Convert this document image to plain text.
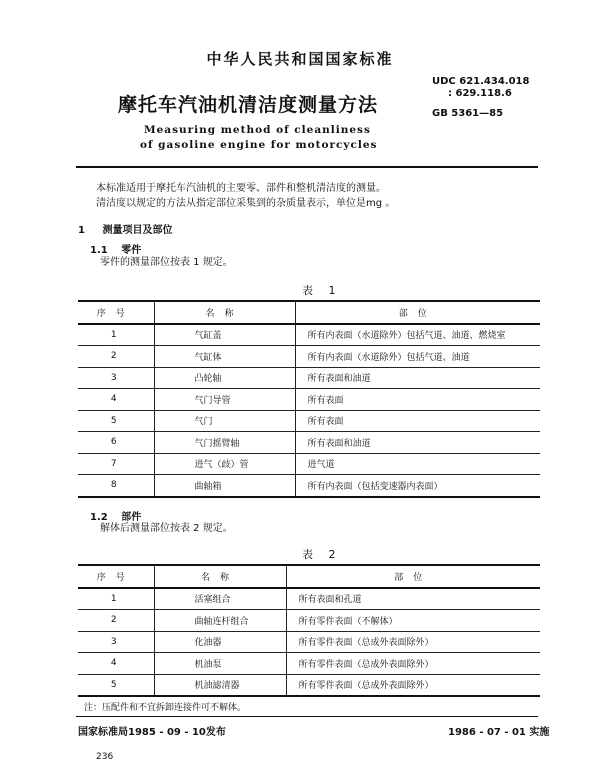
中华人民共和国国家标准
摩托车汽油机清洁度测量方法
UDC 621.434.018
: 629.118.6
GB 5361—85
Measuring method of cleanliness
of gasoline engine for motorcycles
本标准适用于摩托车汽油机的主要零、部件和整机清洁度的测量。
清洁度以规定的方法从指定部位采集到的杂质量表示，单位是mg 。
1 测量项目及部位
1.1 零件
零件的测量部位按表 1 规定。
表 1
序号	名称	部位
1	气缸盖	所有内表面（水道除外）包括气道、油道、燃烧室
2	气缸体	所有内表面（水道除外）包括气道、油道
3	凸轮轴	所有表面和油道
4	气门导管	所有表面
5	气门	所有表面
6	气门摇臂轴	所有表面和油道
7	进气（歧）管	进气道
8	曲轴箱	所有内表面（包括变速器内表面）
1.2 部件
解体后测量部位按表 2 规定。
表 2
序号	名称	部位
1	活塞组合	所有表面和孔道
2	曲轴连杆组合	所有零件表面（不解体）
3	化油器	所有零件表面（总成外表面除外）
4	机油泵	所有零件表面（总成外表面除外）
5	机油滤清器	所有零件表面（总成外表面除外）
注：压配件和不宜拆卸连接件可不解体。
国家标准局1985 - 09 - 10发布	1986 - 07 - 01 实施
236
